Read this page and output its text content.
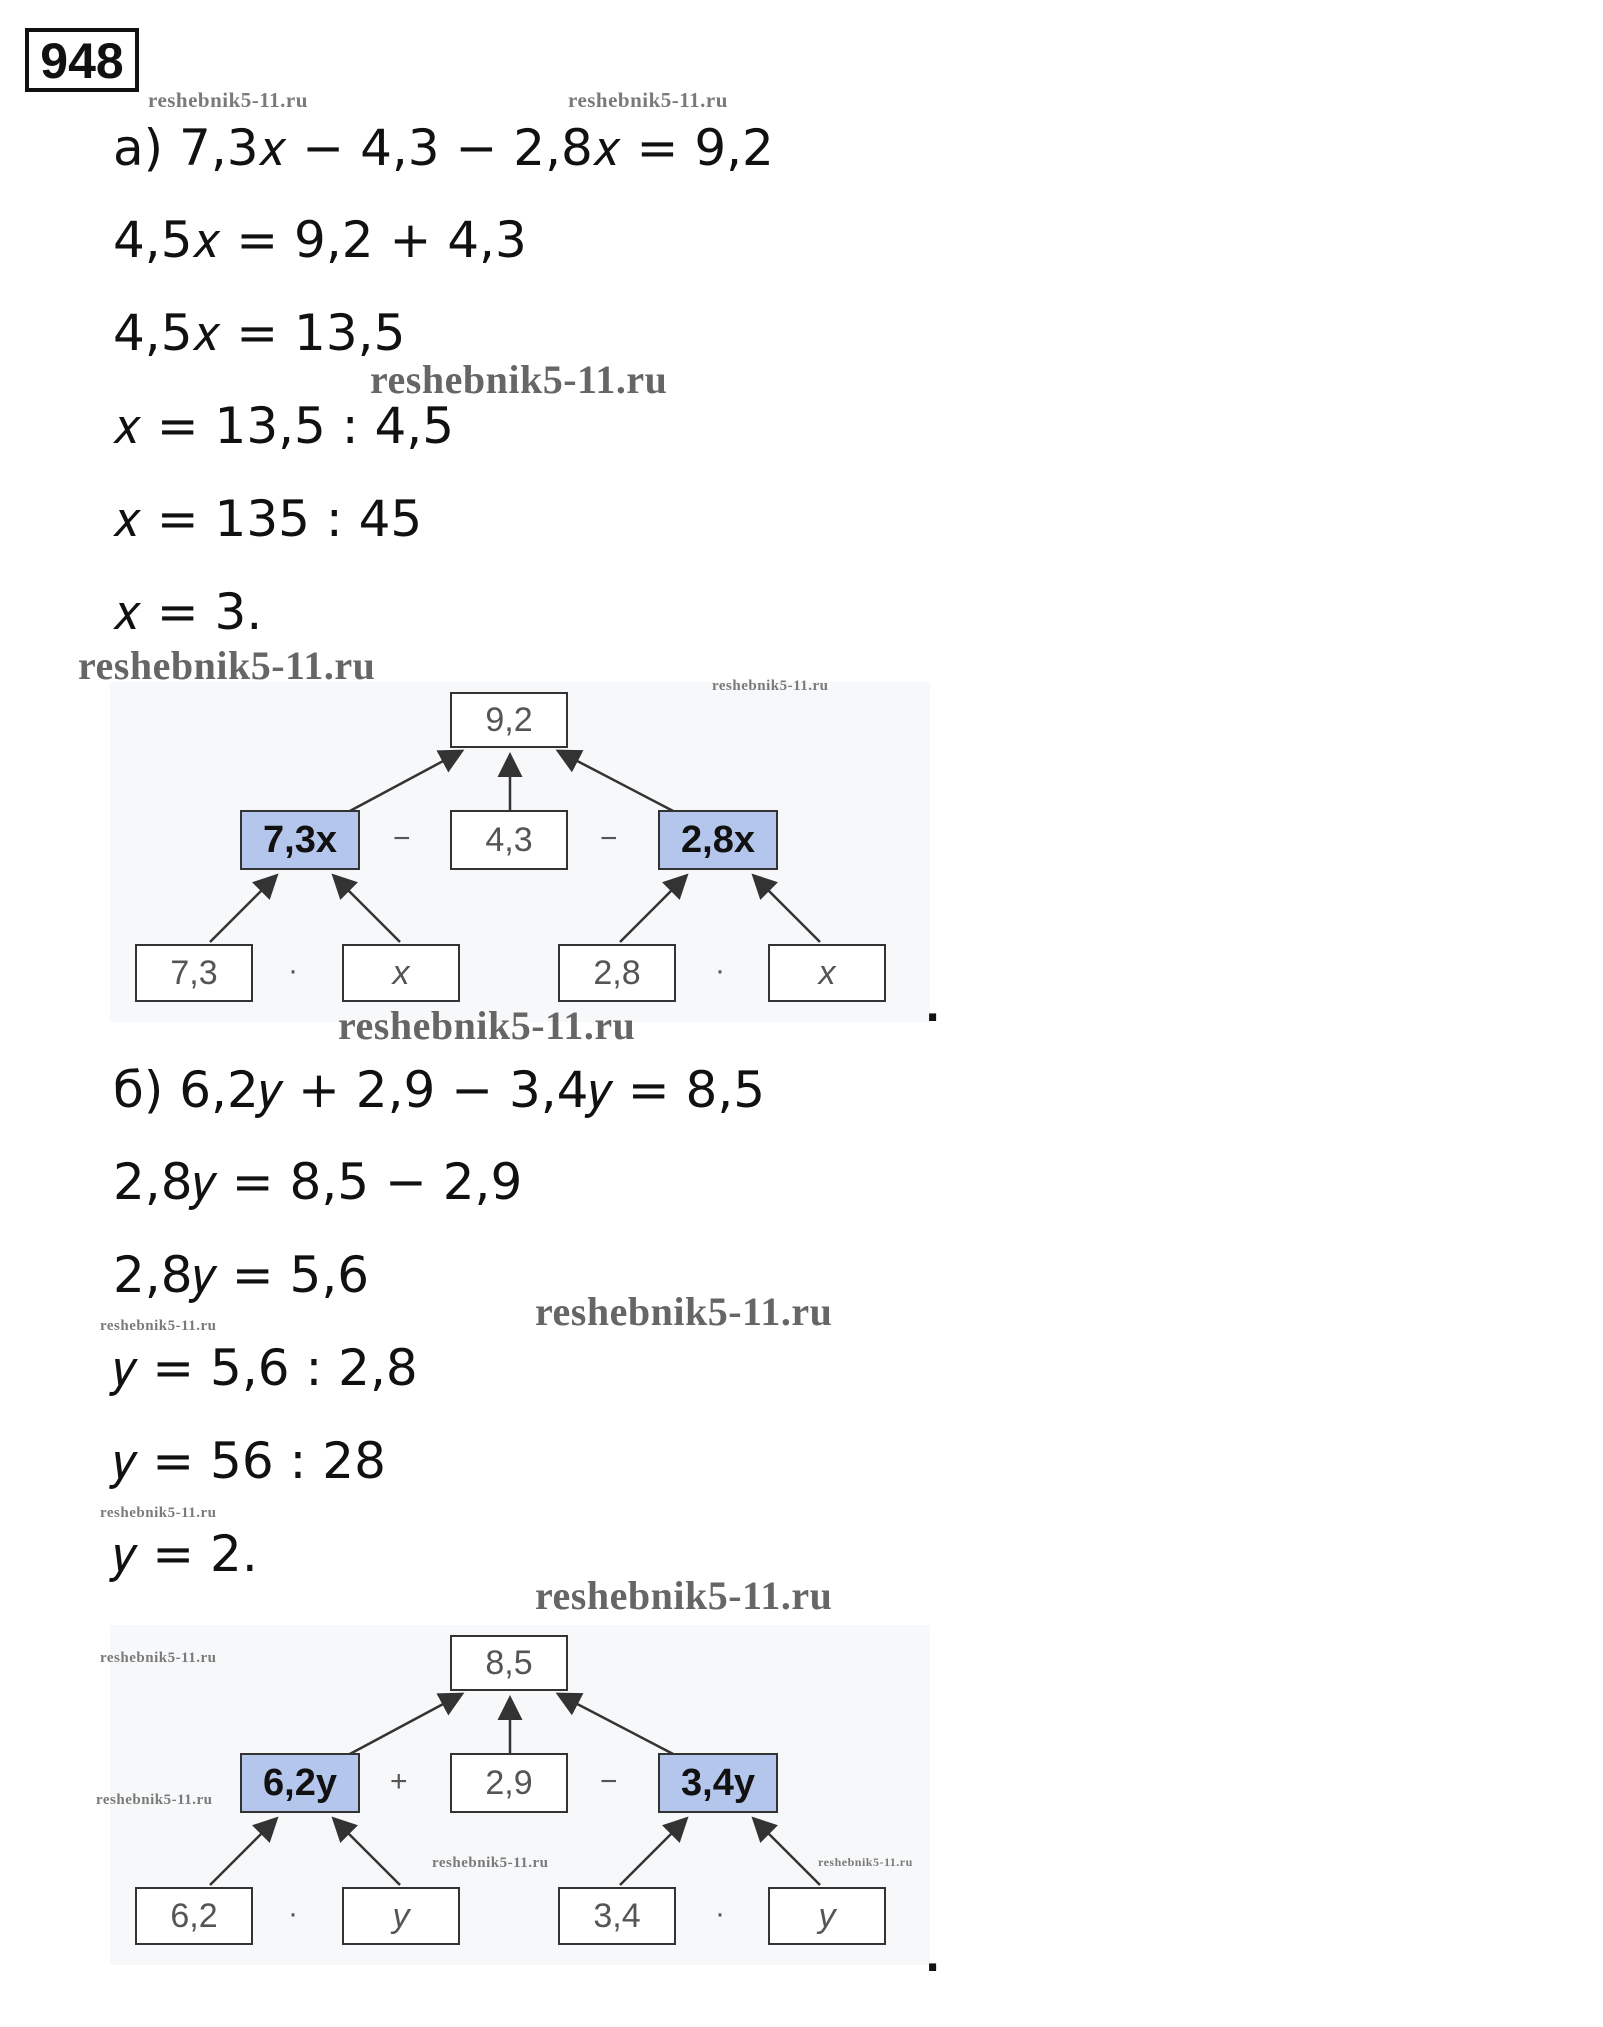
948
а) 7,3𝑥 − 4,3 − 2,8𝑥 = 9,2
4,5𝑥 = 9,2 + 4,3
4,5𝑥 = 13,5
𝑥 = 13,5 : 4,5
𝑥 = 135 : 45
𝑥 = 3.
9,2
7,3x	−	4,3	−	2,8x
7,3	·	x	2,8	·	x
.
б) 6,2𝑦 + 2,9 − 3,4𝑦 = 8,5
2,8𝑦 = 8,5 − 2,9
2,8𝑦 = 5,6
𝑦 = 5,6 : 2,8
𝑦 = 56 : 28
𝑦 = 2.
8,5
6,2y	+	2,9	−	3,4y
6,2	·	y	3,4	·	y
.
reshebnik5-11.ru	reshebnik5-11.ru
reshebnik5-11.ru
reshebnik5-11.ru	reshebnik5-11.ru
reshebnik5-11.ru
reshebnik5-11.ru
reshebnik5-11.ru
reshebnik5-11.ru
reshebnik5-11.ru
reshebnik5-11.ru
reshebnik5-11.ru
reshebnik5-11.ru	reshebnik5-11.ru
